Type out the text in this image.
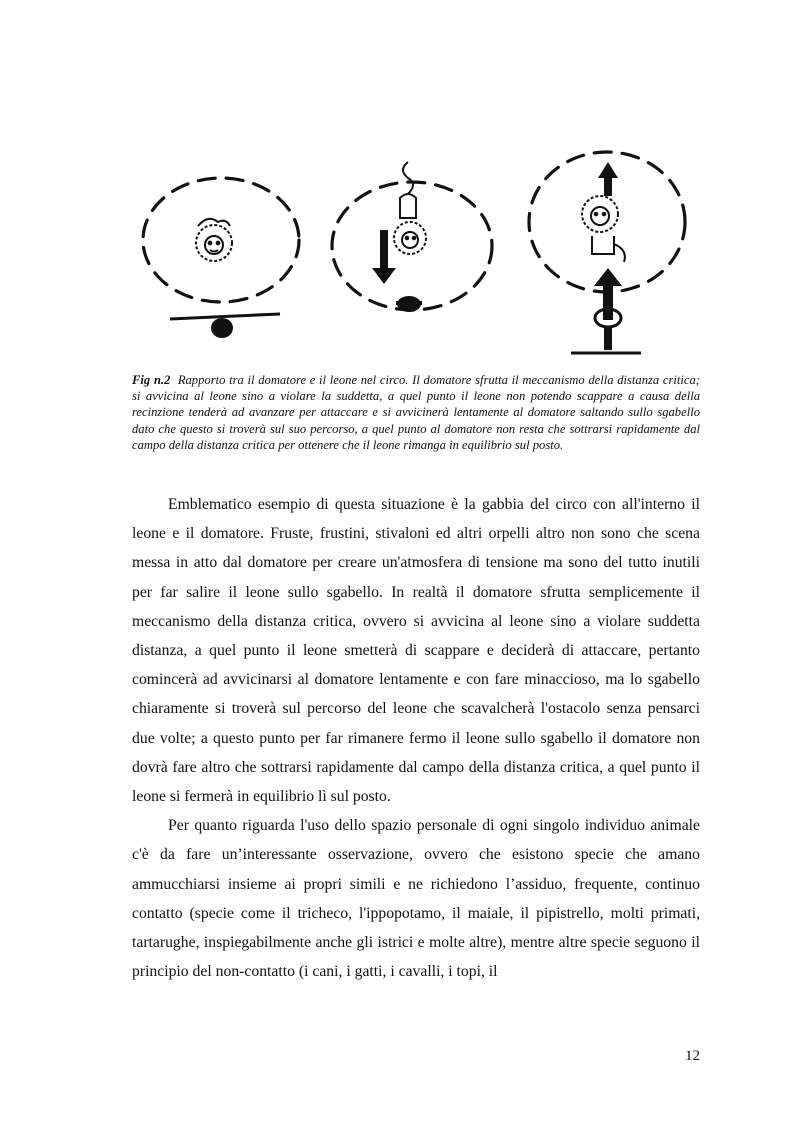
Fig n.2 Rapporto tra il domatore e il leone nel circo. Il domatore sfrutta il meccanismo della distanza critica; si avvicina al leone sino a violare la suddetta, a quel punto il leone non potendo scappare a causa della recinzione tenderà ad avanzare per attaccare e si avvicinerà lentamente al domatore saltando sullo sgabello dato che questo si troverà sul suo percorso, a quel punto al domatore non resta che sottrarsi rapidamente dal campo della distanza critica per ottenere che il leone rimanga in equilibrio sul posto.

Emblematico esempio di questa situazione è la gabbia del circo con all'interno il leone e il domatore. Fruste, frustini, stivaloni ed altri orpelli altro non sono che scena messa in atto dal domatore per creare un'atmosfera di tensione ma sono del tutto inutili per far salire il leone sullo sgabello. In realtà il domatore sfrutta semplicemente il meccanismo della distanza critica, ovvero si avvicina al leone sino a violare suddetta distanza, a quel punto il leone smetterà di scappare e deciderà di attaccare, pertanto comincerà ad avvicinarsi al domatore lentamente e con fare minaccioso, ma lo sgabello chiaramente si troverà sul percorso del leone che scavalcherà l'ostacolo senza pensarci due volte; a questo punto per far rimanere fermo il leone sullo sgabello il domatore non dovrà fare altro che sottrarsi rapidamente dal campo della distanza critica, a quel punto il leone si fermerà in equilibrio lì sul posto.

Per quanto riguarda l'uso dello spazio personale di ogni singolo individuo animale c'è da fare un’interessante osservazione, ovvero che esistono specie che amano ammucchiarsi insieme ai propri simili e ne richiedono l’assiduo, frequente, continuo contatto (specie come il tricheco, l'ippopotamo, il maiale, il pipistrello, molti primati, tartarughe, inspiegabilmente anche gli istrici e molte altre), mentre altre specie seguono il principio del non-contatto (i cani, i gatti, i cavalli, i topi, il

12
